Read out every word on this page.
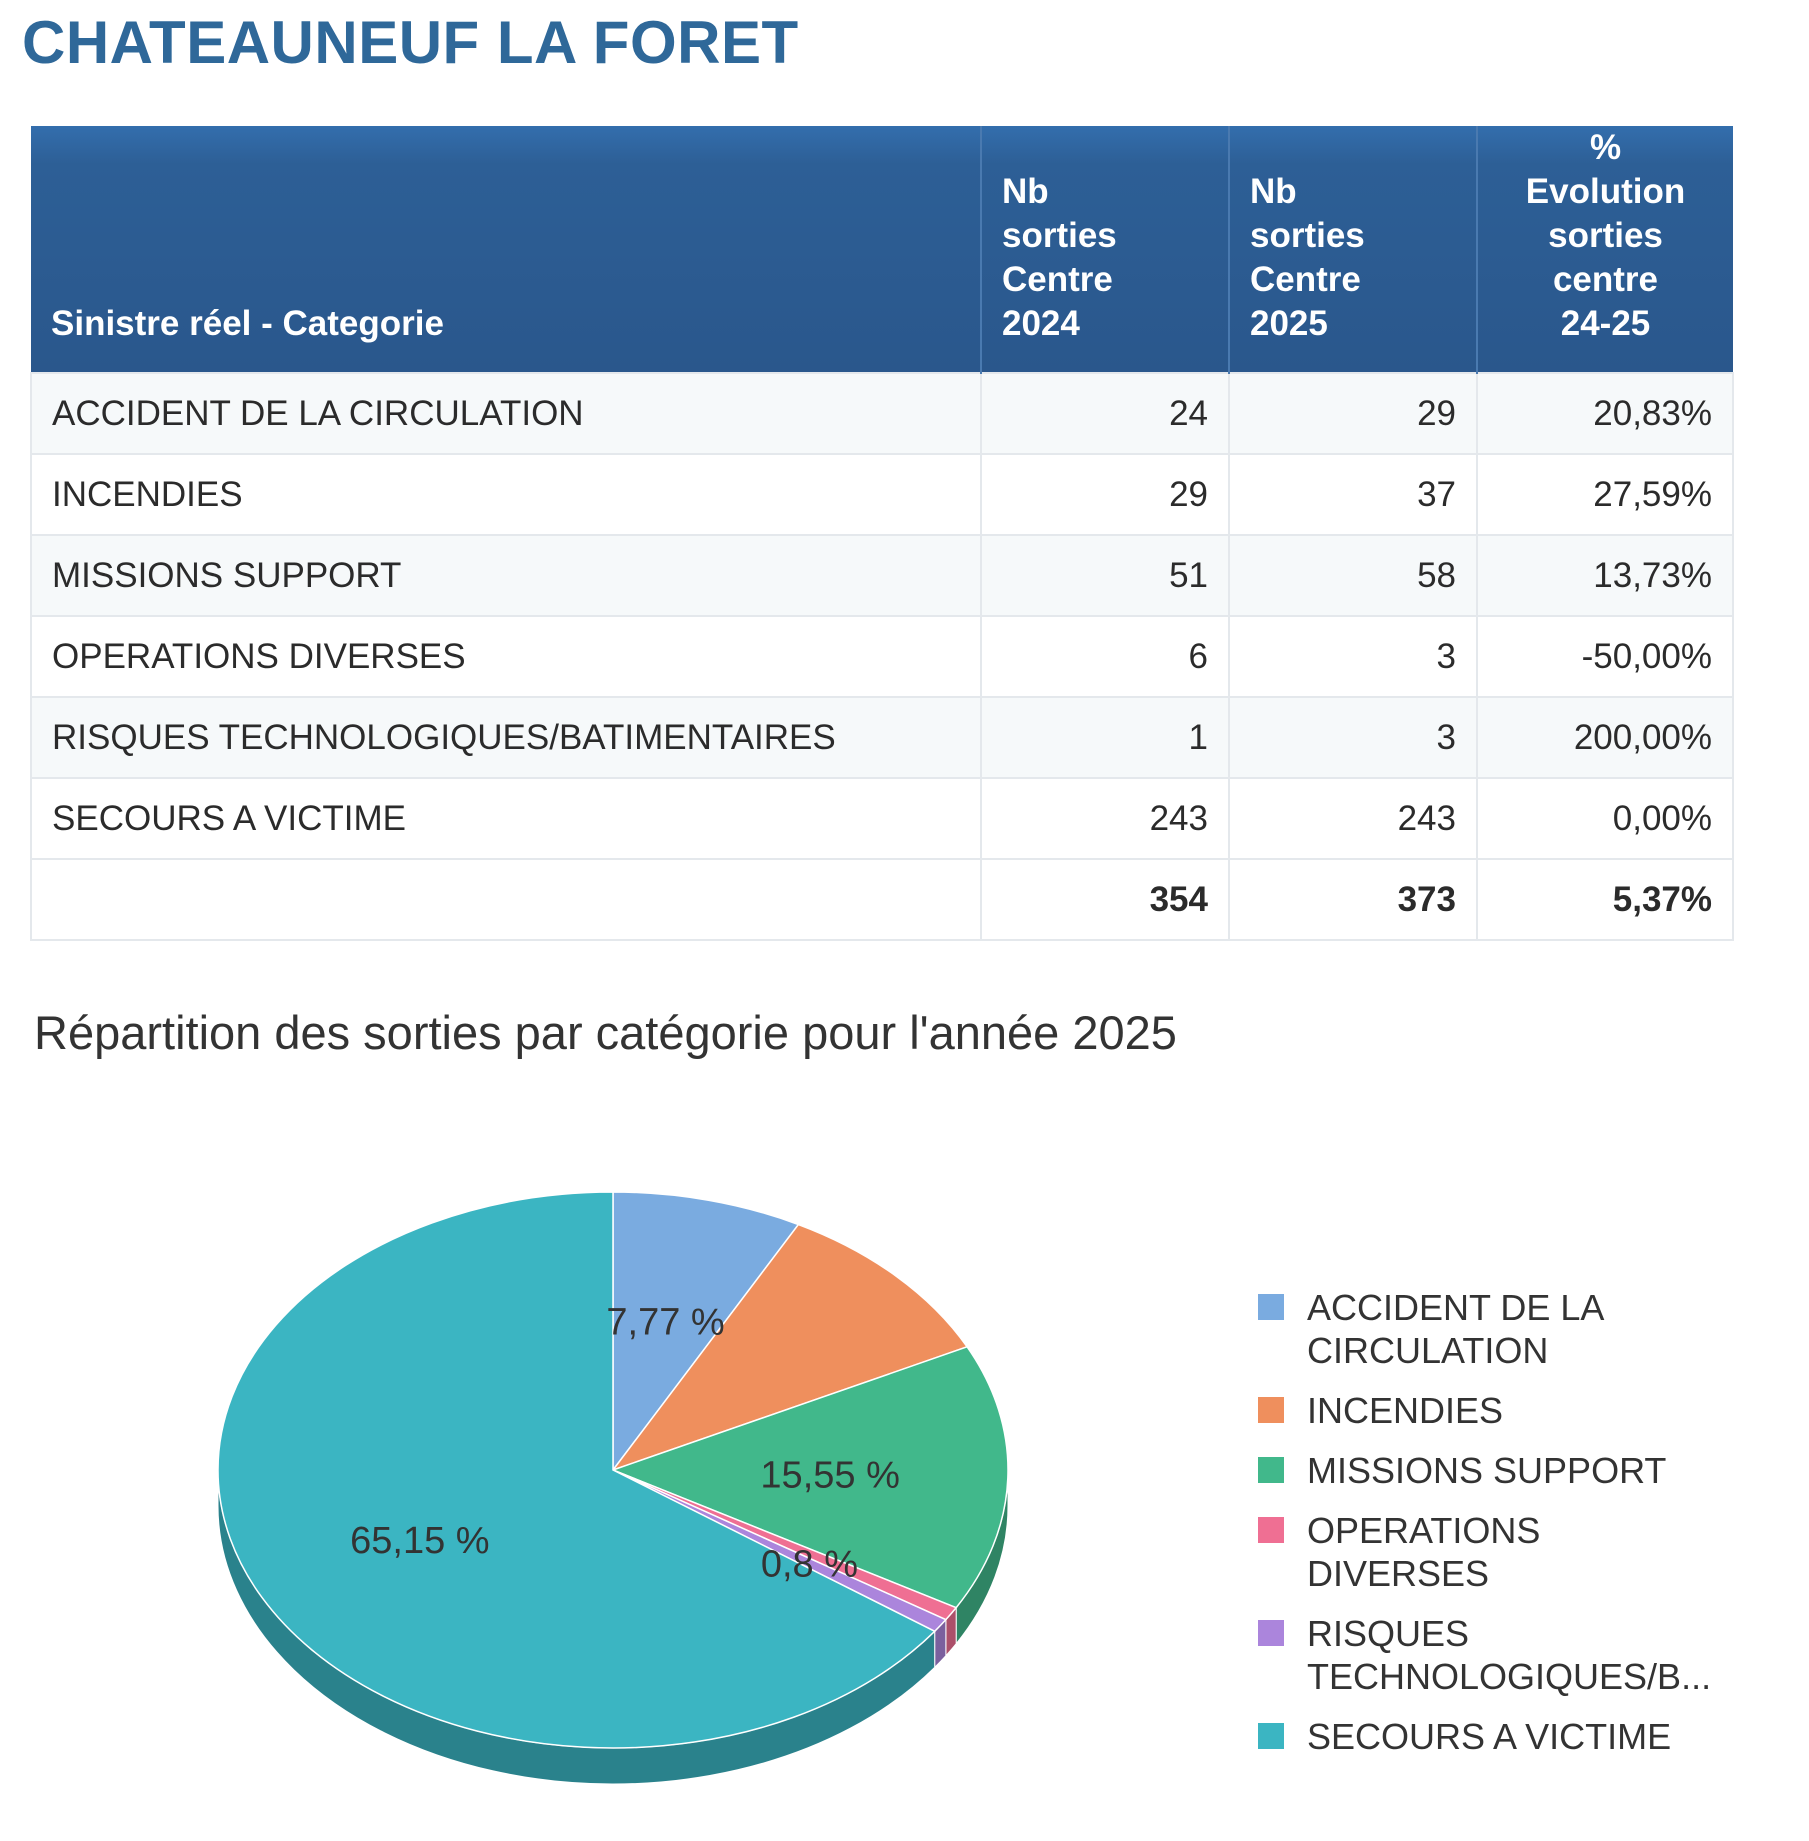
CHATEAUNEUF LA FORET
Sinistre réel - Categorie	Nb
sorties
Centre
2024	Nb
sorties
Centre
2025	%
Evolution
sorties
centre
24-25
ACCIDENT DE LA CIRCULATION	24	29	20,83%
INCENDIES	29	37	27,59%
MISSIONS SUPPORT	51	58	13,73%
OPERATIONS DIVERSES	6	3	-50,00%
RISQUES TECHNOLOGIQUES/BATIMENTAIRES	1	3	200,00%
SECOURS A VICTIME	243	243	0,00%
	354	373	5,37%
Répartition des sorties par catégorie pour l'année 2025
7,77 %
15,55 %
0,8 %
65,15 %
ACCIDENT DE LA
CIRCULATION
INCENDIES
MISSIONS SUPPORT
OPERATIONS
DIVERSES
RISQUES
TECHNOLOGIQUES/B...
SECOURS A VICTIME
